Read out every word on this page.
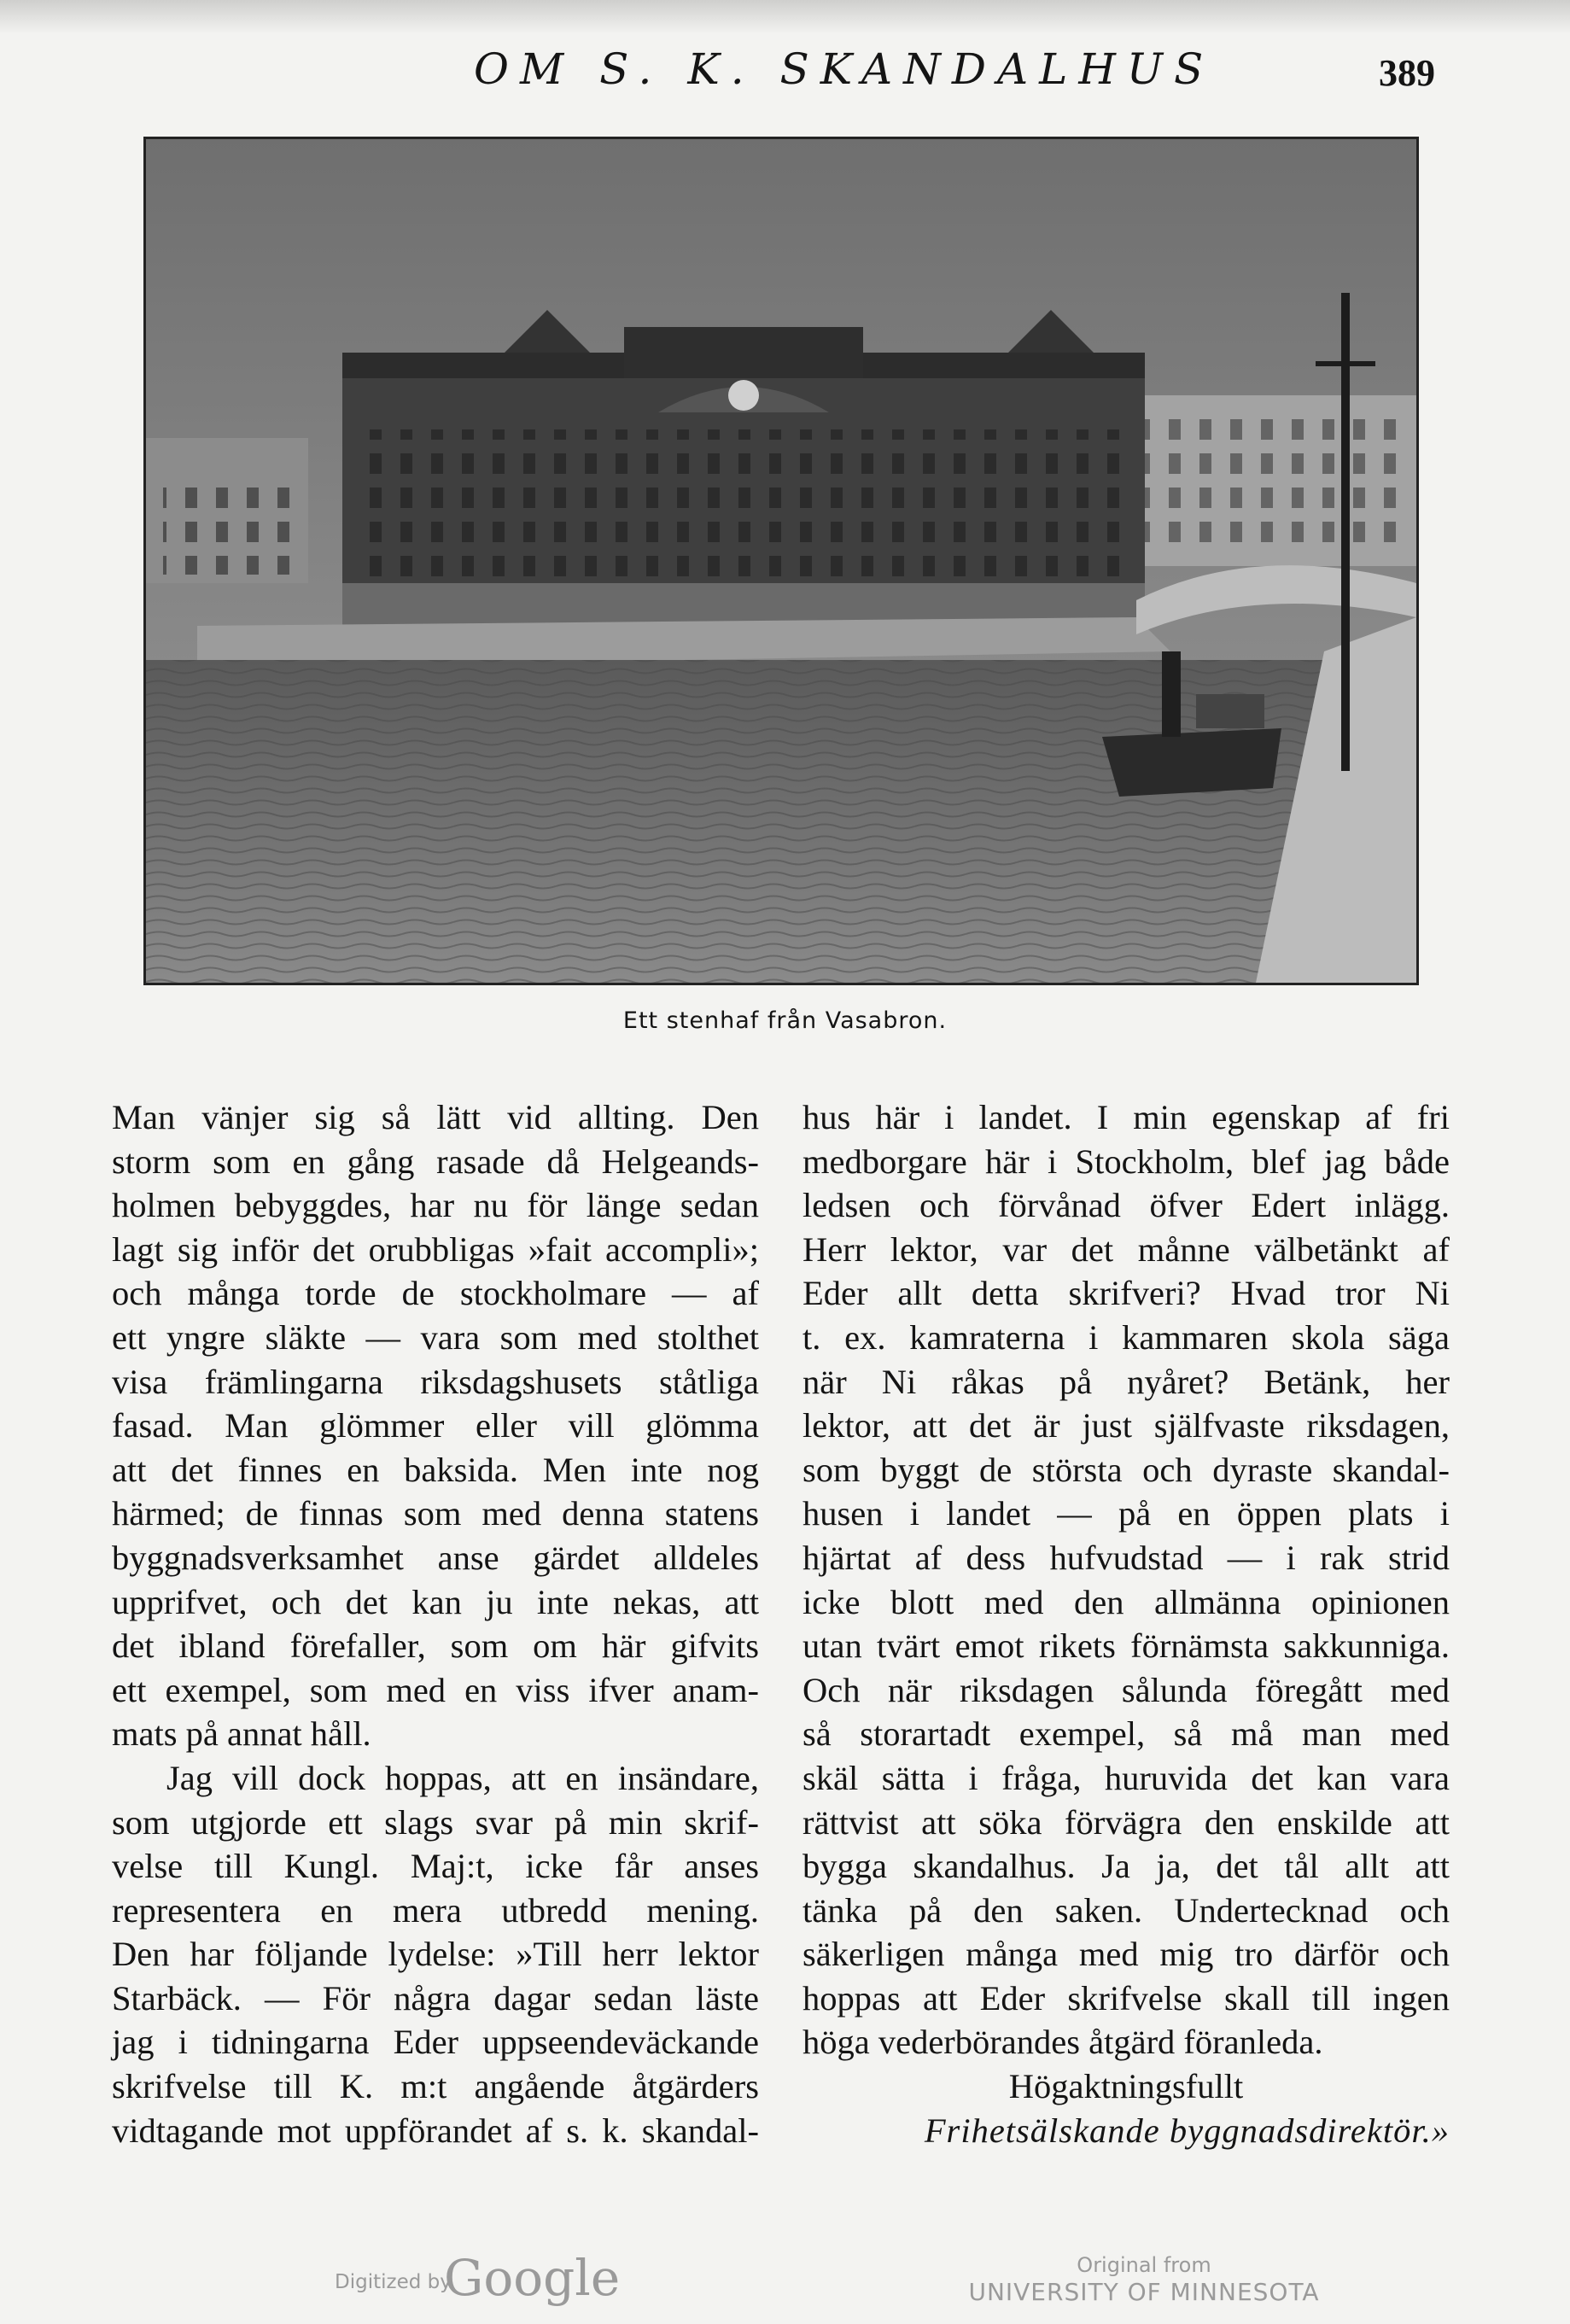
OM S. K. SKANDALHUS	389
Ett stenhaf från Vasabron.
Man vänjer sig så lätt vid allting. Den
storm som en gång rasade då Helgeands-
holmen bebyggdes, har nu för länge sedan
lagt sig inför det orubbligas »fait accompli»;
och många torde de stockholmare — af
ett yngre släkte — vara som med stolthet
visa främlingarna riksdagshusets ståtliga
fasad. Man glömmer eller vill glömma
att det finnes en baksida. Men inte nog
härmed; de finnas som med denna statens
byggnadsverksamhet anse gärdet alldeles
upprifvet, och det kan ju inte nekas, att
det ibland förefaller, som om här gifvits
ett exempel, som med en viss ifver anam-
mats på annat håll.
Jag vill dock hoppas, att en insändare,
som utgjorde ett slags svar på min skrif-
velse till Kungl. Maj:t, icke får anses
representera en mera utbredd mening.
Den har följande lydelse: »Till herr lektor
Starbäck. — För några dagar sedan läste
jag i tidningarna Eder uppseendeväckande
skrifvelse till K. m:t angående åtgärders
vidtagande mot uppförandet af s. k. skandal-
hus här i landet. I min egenskap af fri
medborgare här i Stockholm, blef jag både
ledsen och förvånad öfver Edert inlägg.
Herr lektor, var det månne välbetänkt af
Eder allt detta skrifveri? Hvad tror Ni
t. ex. kamraterna i kammaren skola säga
när Ni råkas på nyåret? Betänk, her
lektor, att det är just själfvaste riksdagen,
som byggt de största och dyraste skandal-
husen i landet — på en öppen plats i
hjärtat af dess hufvudstad — i rak strid
icke blott med den allmänna opinionen
utan tvärt emot rikets förnämsta sakkunniga.
Och när riksdagen sålunda föregått med
så storartadt exempel, så må man med
skäl sätta i fråga, huruvida det kan vara
rättvist att söka förvägra den enskilde att
bygga skandalhus. Ja ja, det tål allt att
tänka på den saken. Undertecknad och
säkerligen många med mig tro därför och
hoppas att Eder skrifvelse skall till ingen
höga vederbörandes åtgärd föranleda.
Högaktningsfullt
Frihetsälskande byggnadsdirektör.»
Digitized by
Google	Original from
UNIVERSITY OF MINNESOTA
